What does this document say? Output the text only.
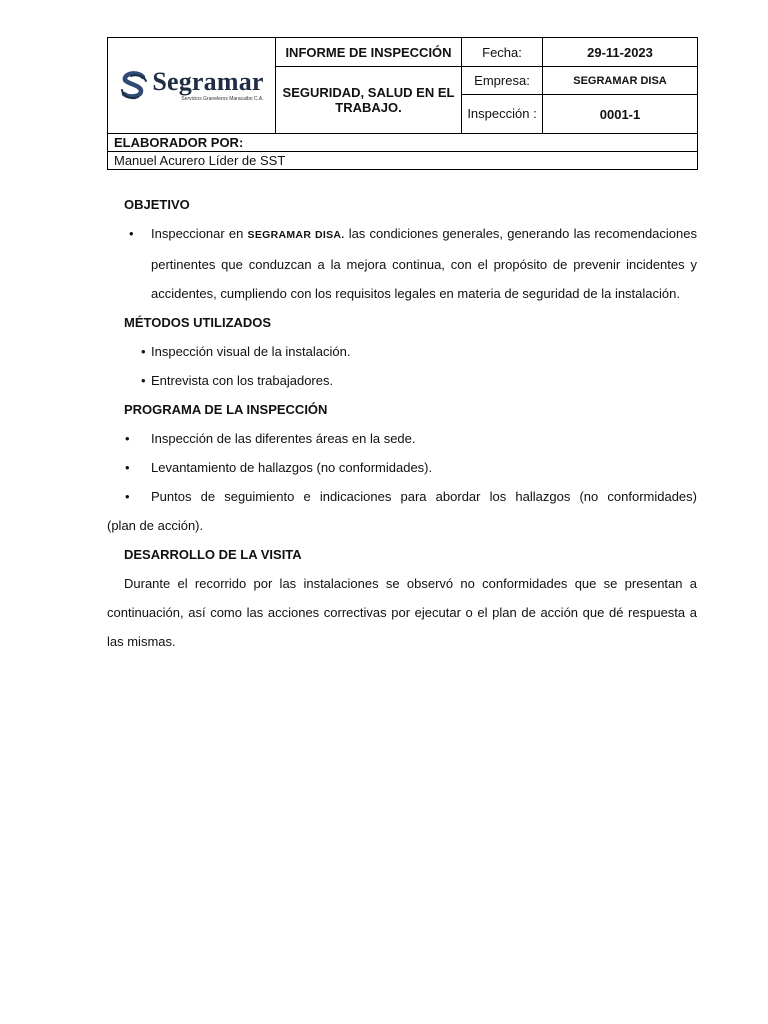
Segramar
Servicios Graneleros Maracaibo C.A.	INFORME DE INSPECCIÓN	Fecha:	29-11-2023
	SEGURIDAD, SALUD EN EL TRABAJO.	Empresa:	SEGRAMAR DISA
		Inspección :	0001-1
ELABORADOR POR:			
Manuel Acurero Líder de SST			

OBJETIVO

•	Inspeccionar en SEGRAMAR DISA. las condiciones generales, generando las recomendaciones pertinentes que conduzcan a la mejora continua, con el propósito de prevenir incidentes y accidentes, cumpliendo con los requisitos legales en materia de seguridad de la instalación.

MÉTODOS UTILIZADOS

• Inspección visual de la instalación.
• Entrevista con los trabajadores.

PROGRAMA DE LA INSPECCIÓN

•	Inspección de las diferentes áreas en la sede.
•	Levantamiento de hallazgos (no conformidades).
•	Puntos de seguimiento e indicaciones para abordar los hallazgos (no conformidades)
(plan de acción).

DESARROLLO DE LA VISITA

Durante el recorrido por las instalaciones se observó no conformidades que se presentan a continuación, así como las acciones correctivas por ejecutar o el plan de acción que dé respuesta a las mismas.
